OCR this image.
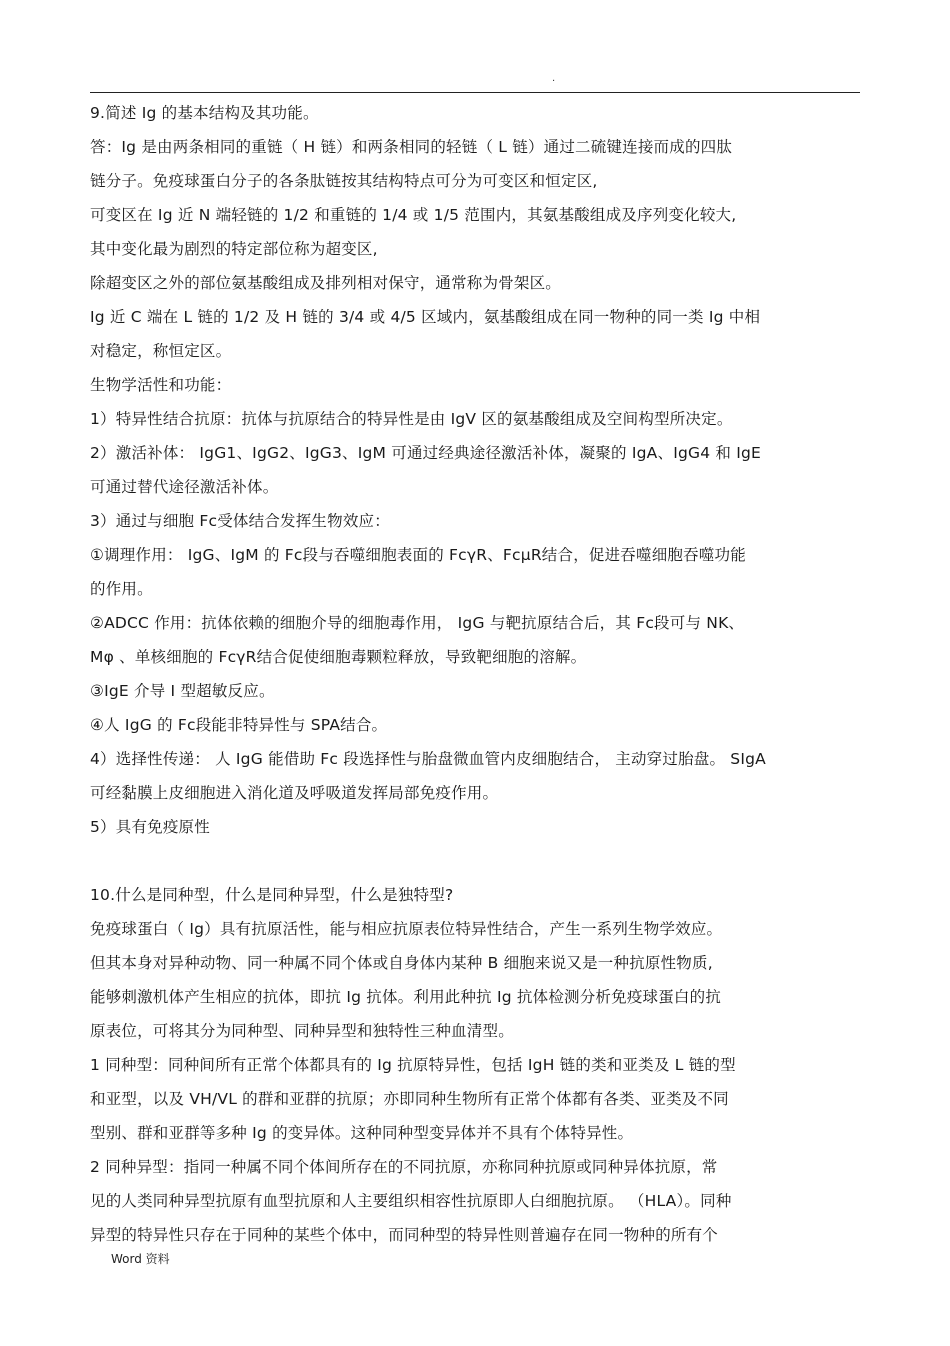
.
9.简述 Ig 的基本结构及其功能。
答：Ig 是由两条相同的重链（ H 链）和两条相同的轻链（ L 链）通过二硫键连接而成的四肽
链分子。免疫球蛋白分子的各条肽链按其结构特点可分为可变区和恒定区,
可变区在 Ig 近 N 端轻链的 1/2 和重链的 1/4 或 1/5 范围内，其氨基酸组成及序列变化较大,
其中变化最为剧烈的特定部位称为超变区,
除超变区之外的部位氨基酸组成及排列相对保守，通常称为骨架区。
Ig 近 C 端在 L 链的 1/2 及 H 链的 3/4 或 4/5 区域内，氨基酸组成在同一物种的同一类 Ig 中相
对稳定，称恒定区。
生物学活性和功能：
1）特异性结合抗原：抗体与抗原结合的特异性是由 IgV 区的氨基酸组成及空间构型所决定。
2）激活补体： IgG1、IgG2、IgG3、IgM 可通过经典途径激活补体，凝聚的 IgA、IgG4 和 IgE
可通过替代途径激活补体。
3）通过与细胞 Fc受体结合发挥生物效应：
①调理作用： IgG、IgM 的 Fc段与吞噬细胞表面的 FcγR、FcμR结合，促进吞噬细胞吞噬功能
的作用。
②ADCC 作用：抗体依赖的细胞介导的细胞毒作用， IgG 与靶抗原结合后，其 Fc段可与 NK、
Mφ 、单核细胞的 FcγR结合促使细胞毒颗粒释放，导致靶细胞的溶解。
③IgE 介导 Ⅰ 型超敏反应。
④人 IgG 的 Fc段能非特异性与 SPA结合。
4）选择性传递： 人 IgG 能借助 Fc 段选择性与胎盘微血管内皮细胞结合， 主动穿过胎盘。 SIgA
可经黏膜上皮细胞进入消化道及呼吸道发挥局部免疫作用。
5）具有免疫原性
10.什么是同种型，什么是同种异型，什么是独特型?
免疫球蛋白（ Ig）具有抗原活性，能与相应抗原表位特异性结合，产生一系列生物学效应。
但其本身对异种动物、同一种属不同个体或自身体内某种 B 细胞来说又是一种抗原性物质,
能够刺激机体产生相应的抗体，即抗 Ig 抗体。利用此种抗 Ig 抗体检测分析免疫球蛋白的抗
原表位，可将其分为同种型、同种异型和独特性三种血清型。
1 同种型：同种间所有正常个体都具有的 Ig 抗原特异性，包括 IgH 链的类和亚类及 L 链的型
和亚型，以及 VH/VL 的群和亚群的抗原；亦即同种生物所有正常个体都有各类、亚类及不同
型别、群和亚群等多种 Ig 的变异体。这种同种型变异体并不具有个体特异性。
2 同种异型：指同一种属不同个体间所存在的不同抗原，亦称同种抗原或同种异体抗原，常
见的人类同种异型抗原有血型抗原和人主要组织相容性抗原即人白细胞抗原。 （HLA）。同种
异型的特异性只存在于同种的某些个体中，而同种型的特异性则普遍存在同一物种的所有个
Word 资料
